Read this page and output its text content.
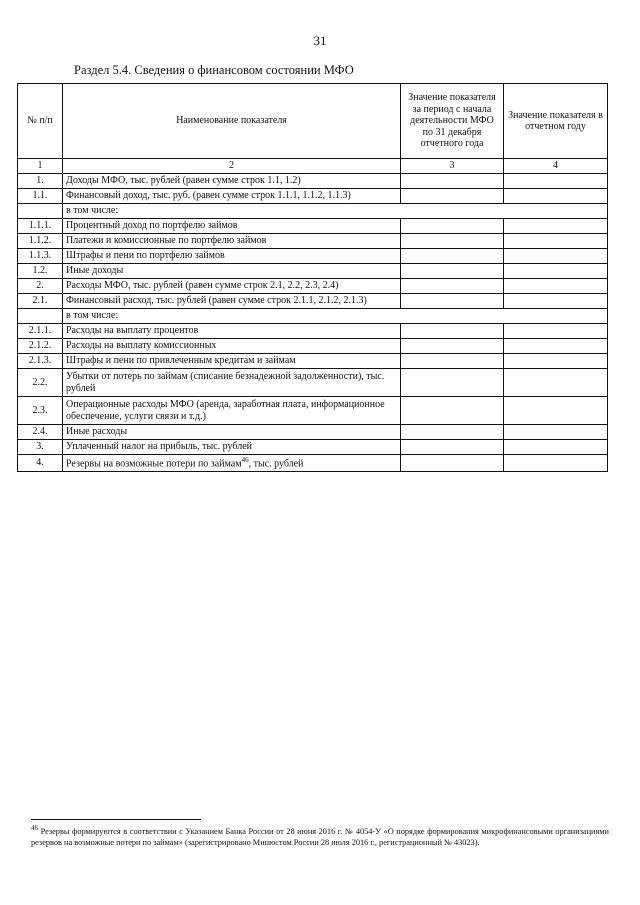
31
Раздел 5.4. Сведения о финансовом состоянии МФО
№ п/п	Наименование показателя	Значение показателя за период с начала деятельности МФО по 31 декабря отчетного года	Значение показателя в отчетном году
1	2	3	4
1.	Доходы МФО, тыс. рублей (равен сумме строк 1.1, 1.2)		
1.1.	Финансовый доход, тыс. руб. (равен сумме строк 1.1.1, 1.1.2, 1.1.3)		
	в том числе:		
1.1.1.	Процентный доход по портфелю займов		
1.1.2.	Платежи и комиссионные по портфелю займов		
1.1.3.	Штрафы и пени по портфелю займов		
1.2.	Иные доходы		
2.	Расходы МФО, тыс. рублей (равен сумме строк 2.1, 2.2, 2.3, 2.4)		
2.1.	Финансовый расход, тыс. рублей (равен сумме строк 2.1.1, 2.1.2, 2.1.3)		
	в том числе:		
2.1.1.	Расходы на выплату процентов		
2.1.2.	Расходы на выплату комиссионных		
2.1.3.	Штрафы и пени по привлеченным кредитам и займам		
2.2.	Убытки от потерь по займам (списание безнадежной задолженности), тыс. рублей		
2.3.	Операционные расходы МФО (аренда, заработная плата, информационное обеспечение, услуги связи и т.д.)		
2.4.	Иные расходы		
3.	Уплаченный налог на прибыль, тыс. рублей		
4.	Резервы на возможные потери по займам$^{46}$, тыс. рублей		
$^{46}$ Резервы формируются в соответствии с Указанием Банка России от 28 июня 2016 г. № 4054-У «О порядке формирования микрофинансовыми организациями резервов на возможные потери по займам» (зарегистрировано Минюстом России 28 июля 2016 г., регистрационный № 43023).
